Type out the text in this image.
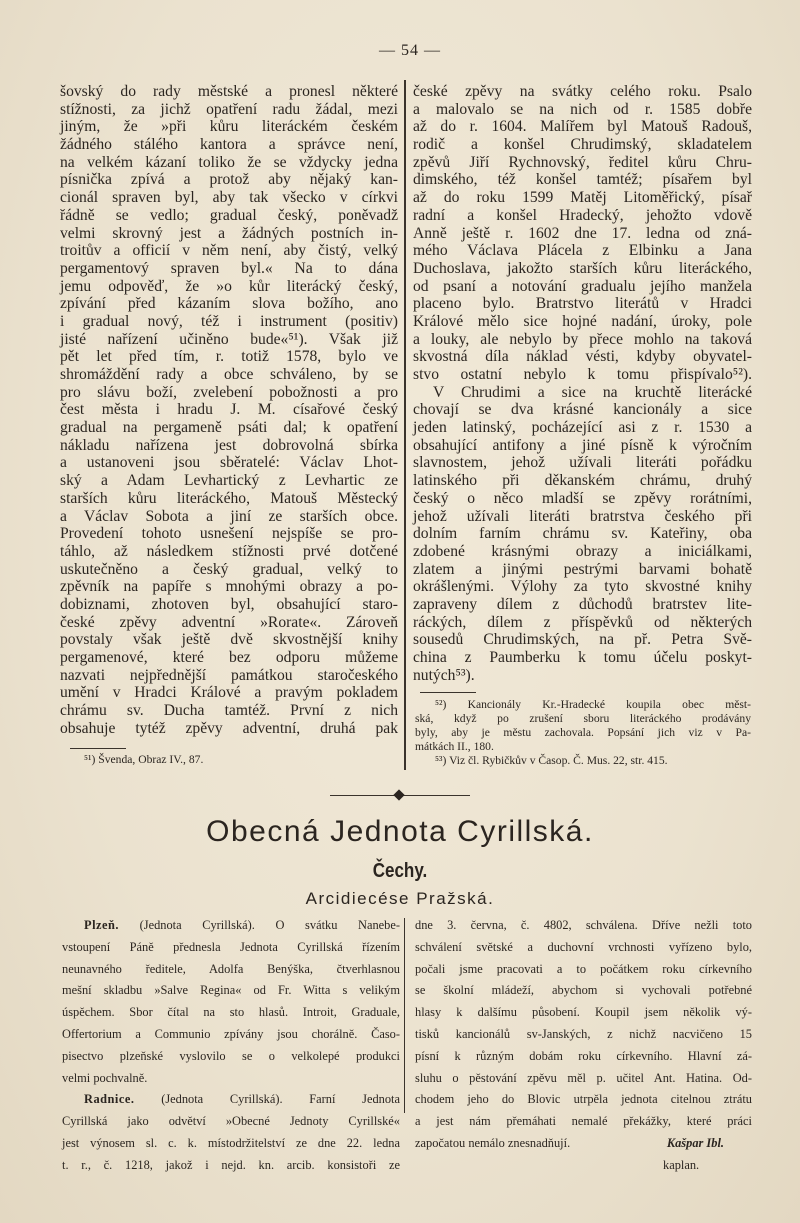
— 54 —
šovský do rady městské a pronesl některé
stížnosti, za jichž opatření radu žádal, mezi
jiným, že »při kůru literáckém českém
žádného stálého kantora a správce není,
na velkém kázaní toliko že se vždycky jedna
písnička zpívá a protož aby nějaký kan-
cionál spraven byl, aby tak všecko v církvi
řádně se vedlo; gradual český, poněvadž
velmi skrovný jest a žádných postních in-
troitův a officií v něm není, aby čistý, velký
pergamentový spraven byl.« Na to dána
jemu odpověď, že »o kůr literácký český,
zpívání před kázaním slova božího, ano
i gradual nový, též i instrument (positiv)
jisté nařízení učiněno bude«⁵¹). Však již
pět let před tím, r. totiž 1578, bylo ve
shromáždění rady a obce schváleno, by se
pro slávu boží, zvelebení pobožnosti a pro
čest města i hradu J. M. císařové český
gradual na pergameně psáti dal; k opatření
nákladu nařízena jest dobrovolná sbírka
a ustanoveni jsou sběratelé: Václav Lhot-
ský a Adam Levhartický z Levhartic ze
starších kůru literáckého, Matouš Městecký
a Václav Sobota a jiní ze starších obce.
Provedení tohoto usnešení nejspíše se pro-
táhlo, až následkem stížnosti prvé dotčené
uskutečněno a český gradual, velký to
zpěvník na papíře s mnohými obrazy a po-
dobiznami, zhotoven byl, obsahující staro-
české zpěvy adventní »Rorate«. Zároveň
povstaly však ještě dvě skvostnější knihy
pergamenové, které bez odporu můžeme
nazvati nejpřednější památkou staročeského
umění v Hradci Králové a pravým pokladem
chrámu sv. Ducha tamtéž. První z nich
obsahuje tytéž zpěvy adventní, druhá pak
⁵¹) Švenda, Obraz IV., 87.
české zpěvy na svátky celého roku. Psalo
a malovalo se na nich od r. 1585 dobře
až do r. 1604. Malířem byl Matouš Radouš,
rodič a konšel Chrudimský, skladatelem
zpěvů Jiří Rychnovský, ředitel kůru Chru-
dimského, též konšel tamtéž; písařem byl
až do roku 1599 Matěj Litoměřický, písař
radní a konšel Hradecký, jehožto vdově
Anně ještě r. 1602 dne 17. ledna od zná-
mého Václava Plácela z Elbinku a Jana
Duchoslava, jakožto starších kůru literáckého,
od psaní a notování gradualu jejího manžela
placeno bylo. Bratrstvo literátů v Hradci
Králové mělo sice hojné nadání, úroky, pole
a louky, ale nebylo by přece mohlo na taková
skvostná díla náklad vésti, kdyby obyvatel-
stvo ostatní nebylo k tomu přispívalo⁵²).
V Chrudimi a sice na kruchtě literácké
chovají se dva krásné kancionály a sice
jeden latinský, pocházející asi z r. 1530 a
obsahující antifony a jiné písně k výročním
slavnostem, jehož užívali literáti pořádku
latinského při děkanském chrámu, druhý
český o něco mladší se zpěvy rorátními,
jehož užívali literáti bratrstva českého při
dolním farním chrámu sv. Kateřiny, oba
zdobené krásnými obrazy a iniciálkami,
zlatem a jinými pestrými barvami bohatě
okrášlenými. Výlohy za tyto skvostné knihy
zapraveny dílem z důchodů bratrstev lite-
ráckých, dílem z příspěvků od některých
sousedů Chrudimských, na př. Petra Svě-
china z Paumberku k tomu účelu poskyt-
nutých⁵³).
⁵²) Kancionály Kr.-Hradecké koupila obec měst-
ská, když po zrušení sboru literáckého prodávány
byly, aby je městu zachovala. Popsání jich viz v Pa-
mátkách II., 180.
⁵³) Viz čl. Rybičkův v Časop. Č. Mus. 22, str. 415.
Obecná Jednota Cyrillská.
Čechy.
Arcidiecése Pražská.
Plzeň. (Jednota Cyrillská). O svátku Nanebe-
vstoupení Páně přednesla Jednota Cyrillská řízením
neunavného ředitele, Adolfa Benýška, čtverhlasnou
mešní skladbu »Salve Regina« od Fr. Witta s velikým
úspěchem. Sbor čítal na sto hlasů. Introit, Graduale,
Offertorium a Communio zpívány jsou chorálně. Časo-
pisectvo plzeňské vyslovilo se o velkolepé produkci
velmi pochvalně.
Radnice. (Jednota Cyrillská). Farní Jednota
Cyrillská jako odvětví »Obecné Jednoty Cyrillské«
jest výnosem sl. c. k. místodržitelství ze dne 22. ledna
t. r., č. 1218, jakož i nejd. kn. arcib. konsistoři ze
dne 3. června, č. 4802, schválena. Dříve nežli toto
schválení světské a duchovní vrchnosti vyřízeno bylo,
počali jsme pracovati a to počátkem roku církevního
se školní mládeží, abychom si vychovali potřebné
hlasy k dalšímu působení. Koupil jsem několik vý-
tisků kancionálů sv-Janských, z nichž nacvičeno 15
písní k různým dobám roku církevního. Hlavní zá-
sluhu o pěstování zpěvu měl p. učitel Ant. Hatina. Od-
chodem jeho do Blovic utrpěla jednota citelnou ztrátu
a jest nám přemáhati nemalé překážky, které práci
započatou nemálo znesnadňují.	Kašpar Ibl.
kaplan.
